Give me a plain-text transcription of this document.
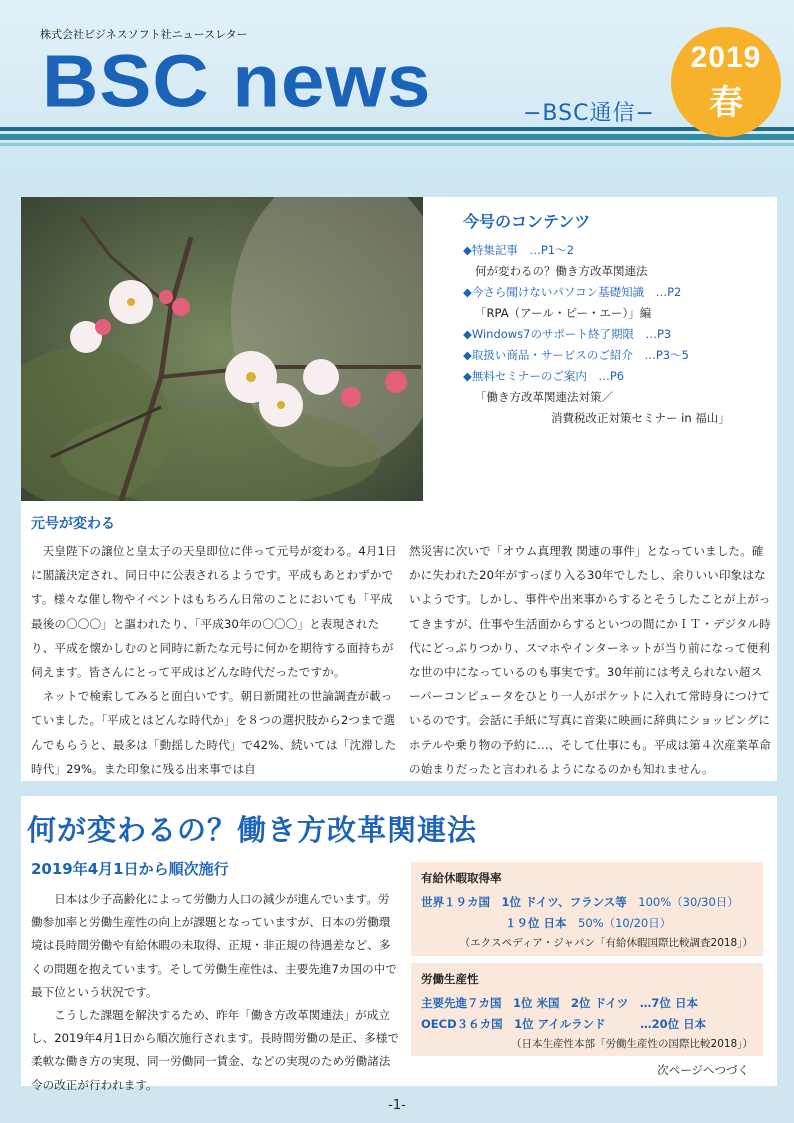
株式会社ビジネスソフト社ニュースレター
BSC news	−BSC通信−
2019
春
今号のコンテンツ
◆特集記事　…P1～2
何が変わるの？働き方改革関連法
◆今さら聞けないパソコン基礎知識　…P2
「RPA（アール・ピー・エー）」編
◆Windows7のサポート終了期限　…P3
◆取扱い商品・サービスのご紹介　…P3～5
◆無料セミナーのご案内　…P6
「働き方改革関連法対策／
消費税改正対策セミナー in 福山」
元号が変わる

天皇陛下の譲位と皇太子の天皇即位に伴って元号が変わる。4月1日に閣議決定され、同日中に公表されるようです。平成もあとわずかです。様々な催し物やイベントはもちろん日常のことにおいても「平成最後の〇〇〇」と謳われたり、「平成30年の〇〇〇」と表現されたり、平成を懐かしむのと同時に新たな元号に何かを期待する面持ちが伺えます。皆さんにとって平成はどんな時代だったですか。

ネットで検索してみると面白いです。朝日新聞社の世論調査が載っていました。「平成とはどんな時代か」を８つの選択肢から2つまで選んでもらうと、最多は「動揺した時代」で42%、続いては「沈滞した時代」29%。また印象に残る出来事では自

然災害に次いで「オウム真理教 関連の事件」となっていました。確かに失われた20年がすっぽり入る30年でしたし、余りいい印象はないようです。しかし、事件や出来事からするとそうしたことが上がってきますが、仕事や生活面からするといつの間にかＩＴ・デジタル時代にどっぷりつかり、スマホやインターネットが当り前になって便利な世の中になっているのも事実です。30年前には考えられない超スーパーコンピュータをひとり一人がポケットに入れて常時身につけているのです。会話に手紙に写真に音楽に映画に辞典にショッピングにホテルや乗り物の予約に…、そして仕事にも。平成は第４次産業革命の始まりだったと言われるようになるのかも知れません。

何が変わるの？働き方改革関連法
2019年4月1日から順次施行

日本は少子高齢化によって労働力人口の減少が進んでいます。労働参加率と労働生産性の向上が課題となっていますが、日本の労働環境は長時間労働や有給休暇の未取得、正規・非正規の待遇差など、多くの問題を抱えています。そして労働生産性は、主要先進7カ国の中で最下位という状況です。

こうした課題を解決するため、昨年「働き方改革関連法」が成立し、2019年4月1日から順次施行されます。長時間労働の是正、多様で柔軟な働き方の実現、同一労働同一賃金、などの実現のため労働諸法令の改正が行われます。

有給休暇取得率
世界１９カ国　1位 ドイツ、フランス等　100%（30/30日）
１９位 日本　50%（10/20日）
（エクスペディア・ジャパン「有給休暇国際比較調査2018」）
労働生産性
主要先進７カ国　1位 米国　2位 ドイツ　…7位 日本
OECD３６カ国　1位 アイルランド　　　…20位 日本
（日本生産性本部「労働生産性の国際比較2018」）
次ページへつづく
-1-
